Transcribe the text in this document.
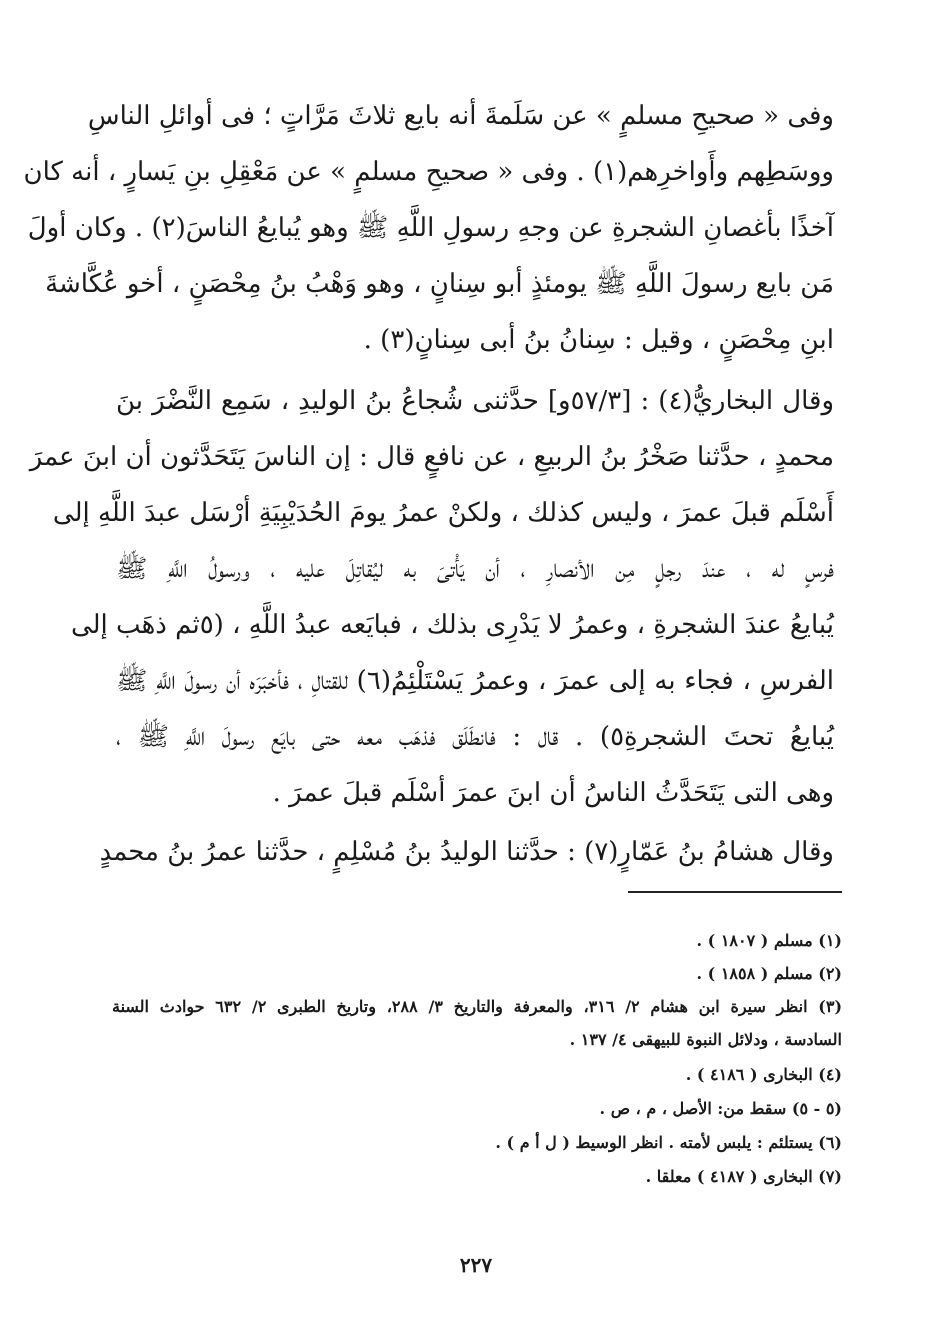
وفى « صحيحِ مسلمٍ » عن سَلَمةَ أنه بايع ثلاثَ مَرَّاتٍ ؛ فى أوائلِ الناسِ
ووسَطِهم وأَواخرِهم(١) . وفى « صحيحِ مسلمٍ » عن مَعْقِلِ بنِ يَسارٍ ، أنه كان
آخذًا بأغصانِ الشجرةِ عن وجهِ رسولِ اللَّهِ ﷺ وهو يُبايعُ الناسَ(٢) . وكان أولَ
مَن بايع رسولَ اللَّهِ ﷺ يومئذٍ أبو سِنانٍ ، وهو وَهْبُ بنُ مِحْصَنٍ ، أخو عُكَّاشةَ
ابنِ مِحْصَنٍ ، وقيل : سِنانُ بنُ أبى سِنانٍ(٣) .
وقال البخاريُّ(٤) : [٥٧/٣و] حدَّثنى شُجاعُ بنُ الوليدِ ، سَمِع النَّضْرَ بنَ
محمدٍ ، حدَّثنا صَخْرُ بنُ الربيعِ ، عن نافعٍ قال : إن الناسَ يَتَحَدَّثون أن ابنَ عمرَ
أَسْلَم قبلَ عمرَ ، وليس كذلك ، ولكنْ عمرُ يومَ الحُدَيْبِيَةِ أرْسَل عبدَ اللَّهِ إلى
فرسٍ له ، عندَ رجلٍ مِن الأنصارِ ، أن يَأْتىَ به ليُقاتِلَ عليه ، ورسولُ اللَّهِ ﷺ
يُبايعُ عندَ الشجرةِ ، وعمرُ لا يَدْرِى بذلك ، فبايَعه عبدُ اللَّهِ ، (٥ثم ذهَب إلى
الفرسِ ، فجاء به إلى عمرَ ، وعمرُ يَسْتَلْئِمُ(٦) للقتالِ ، فأخبَرَه أن رسولَ اللَّهِ ﷺ
يُبايعُ تحتَ الشجرةِ٥) . قال : فانطَلَق فذهَب معه حتى بايَع رسولَ اللَّهِ ﷺ ،
وهى التى يَتَحَدَّثُ الناسُ أن ابنَ عمرَ أسْلَم قبلَ عمرَ .
وقال هشامُ بنُ عَمّارٍ(٧) : حدَّثنا الوليدُ بنُ مُسْلِمٍ ، حدَّثنا عمرُ بنُ محمدٍ
(١) مسلم ( ١٨٠٧ ) .
(٢) مسلم ( ١٨٥٨ ) .
(٣) انظر سيرة ابن هشام ٢/ ٣١٦، والمعرفة والتاريخ ٣/ ٢٨٨، وتاريخ الطبرى ٢/ ٦٣٢ حوادث السنة
السادسة ، ودلائل النبوة للبيهقى ٤/ ١٣٧ .
(٤) البخارى ( ٤١٨٦ ) .
(٥ - ٥) سقط من: الأصل ، م ، ص .
(٦) يستلئم : يلبس لأمته . انظر الوسيط ( ل أ م ) .
(٧) البخارى ( ٤١٨٧ ) معلقا .
٢٢٧
